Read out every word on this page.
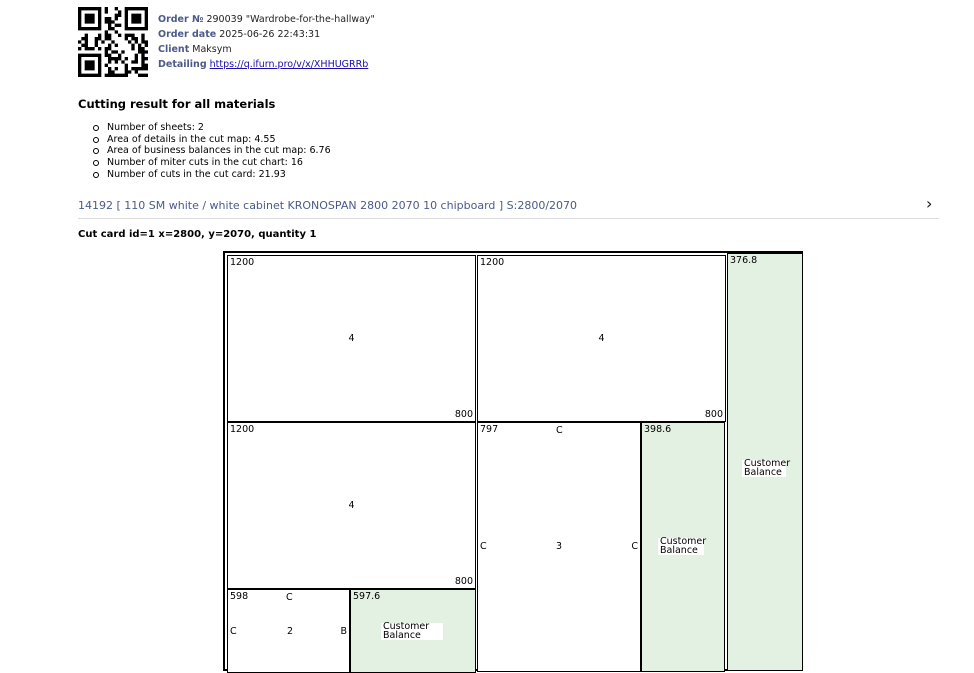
Order № 290039 "Wardrobe-for-the-hallway"
Order date 2025-06-26 22:43:31
Client Maksym
Detailing https://q.ifurn.pro/v/x/XHHUGRRb
Cutting result for all materials
Number of sheets: 2
Area of details in the cut map: 4.55
Area of business balances in the cut map: 6.76
Number of miter cuts in the cut chart: 16
Number of cuts in the cut card: 21.93
14192 [ 110 SM white / white cabinet KRONOSPAN 2800 2070 10 chipboard ] S:2800/2070	›
Cut card id=1 x=2800, y=2070, quantity 1
1200
4
800
1200
4
800
376.8
Customer Balance
1200
4
800
797	C
C	3	C
398.6
Customer Balance
598	C
C	2	B
597.6
Customer Balance
